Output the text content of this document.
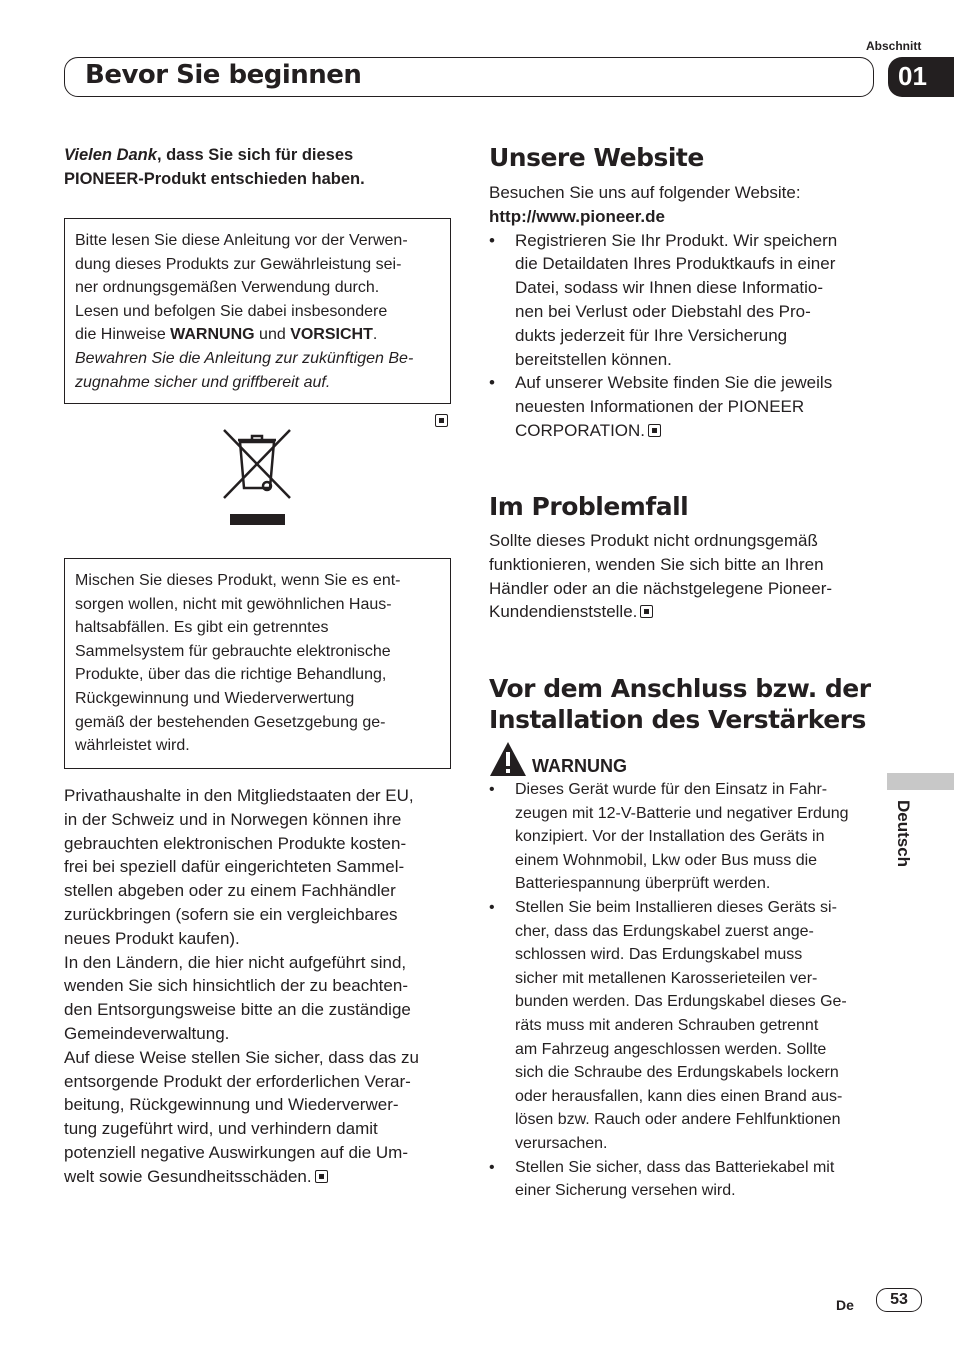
Abschnitt
Bevor Sie beginnen	01
Vielen Dank, dass Sie sich für dieses
PIONEER-Produkt entschieden haben.
Bitte lesen Sie diese Anleitung vor der Verwen-
dung dieses Produkts zur Gewährleistung sei-
ner ordnungsgemäßen Verwendung durch.
Lesen und befolgen Sie dabei insbesondere
die Hinweise WARNUNG und VORSICHT.
Bewahren Sie die Anleitung zur zukünftigen Be-
zugnahme sicher und griffbereit auf.
Mischen Sie dieses Produkt, wenn Sie es ent-
sorgen wollen, nicht mit gewöhnlichen Haus-
haltsabfällen. Es gibt ein getrenntes
Sammelsystem für gebrauchte elektronische
Produkte, über das die richtige Behandlung,
Rückgewinnung und Wiederverwertung
gemäß der bestehenden Gesetzgebung ge-
währleistet wird.
Privathaushalte in den Mitgliedstaaten der EU,
in der Schweiz und in Norwegen können ihre
gebrauchten elektronischen Produkte kosten-
frei bei speziell dafür eingerichteten Sammel-
stellen abgeben oder zu einem Fachhändler
zurückbringen (sofern sie ein vergleichbares
neues Produkt kaufen).
In den Ländern, die hier nicht aufgeführt sind,
wenden Sie sich hinsichtlich der zu beachten-
den Entsorgungsweise bitte an die zuständige
Gemeindeverwaltung.
Auf diese Weise stellen Sie sicher, dass das zu
entsorgende Produkt der erforderlichen Verar-
beitung, Rückgewinnung und Wiederverwer-
tung zugeführt wird, und verhindern damit
potenziell negative Auswirkungen auf die Um-
welt sowie Gesundheitsschäden.
Unsere Website
Besuchen Sie uns auf folgender Website:
http://www.pioneer.de
• Registrieren Sie Ihr Produkt. Wir speichern
die Detaildaten Ihres Produktkaufs in einer
Datei, sodass wir Ihnen diese Informatio-
nen bei Verlust oder Diebstahl des Pro-
dukts jederzeit für Ihre Versicherung
bereitstellen können.
• Auf unserer Website finden Sie die jeweils
neuesten Informationen der PIONEER
CORPORATION.
Im Problemfall
Sollte dieses Produkt nicht ordnungsgemäß
funktionieren, wenden Sie sich bitte an Ihren
Händler oder an die nächstgelegene Pioneer-
Kundendienststelle.
Vor dem Anschluss bzw. der
Installation des Verstärkers
WARNUNG
• Dieses Gerät wurde für den Einsatz in Fahr-
zeugen mit 12-V-Batterie und negativer Erdung
konzipiert. Vor der Installation des Geräts in
einem Wohnmobil, Lkw oder Bus muss die
Batteriespannung überprüft werden.
• Stellen Sie beim Installieren dieses Geräts si-
cher, dass das Erdungskabel zuerst ange-
schlossen wird. Das Erdungskabel muss
sicher mit metallenen Karosserieteilen ver-
bunden werden. Das Erdungskabel dieses Ge-
räts muss mit anderen Schrauben getrennt
am Fahrzeug angeschlossen werden. Sollte
sich die Schraube des Erdungskabels lockern
oder herausfallen, kann dies einen Brand aus-
lösen bzw. Rauch oder andere Fehlfunktionen
verursachen.
• Stellen Sie sicher, dass das Batteriekabel mit
einer Sicherung versehen wird.
Deutsch
De	53
